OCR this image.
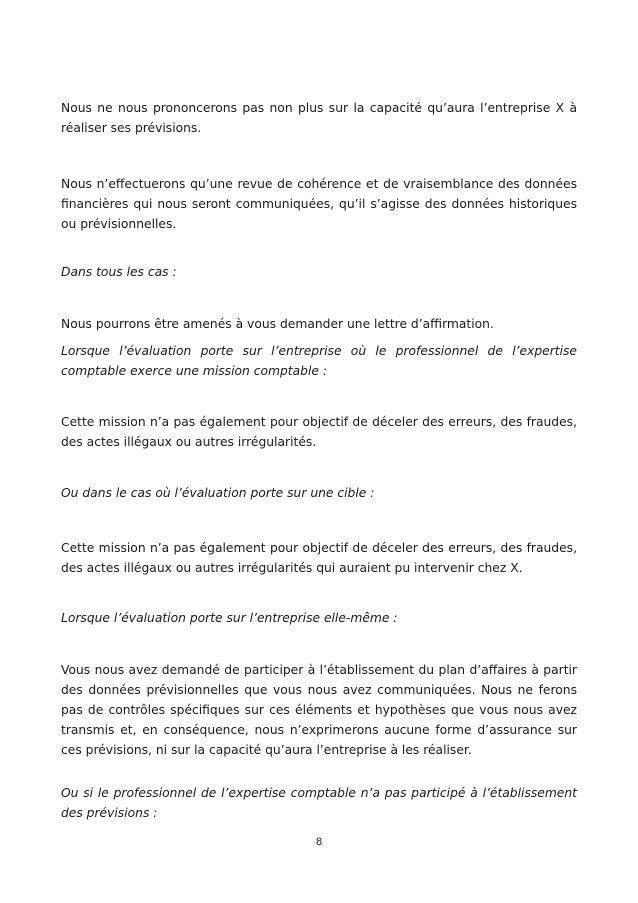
Nous ne nous prononcerons pas non plus sur la capacité qu’aura l’entreprise X à réaliser ses prévisions.

Nous n’effectuerons qu’une revue de cohérence et de vraisemblance des données financières qui nous seront communiquées, qu’il s’agisse des données historiques ou prévisionnelles.

Dans tous les cas :

Nous pourrons être amenés à vous demander une lettre d’affirmation.

Lorsque l’évaluation porte sur l’entreprise où le professionnel de l’expertise comptable exerce une mission comptable :

Cette mission n’a pas également pour objectif de déceler des erreurs, des fraudes, des actes illégaux ou autres irrégularités.

Ou dans le cas où l’évaluation porte sur une cible :

Cette mission n’a pas également pour objectif de déceler des erreurs, des fraudes, des actes illégaux ou autres irrégularités qui auraient pu intervenir chez X.

Lorsque l’évaluation porte sur l’entreprise elle-même :

Vous nous avez demandé de participer à l’établissement du plan d’affaires à partir des données prévisionnelles que vous nous avez communiquées. Nous ne ferons pas de contrôles spécifiques sur ces éléments et hypothèses que vous nous avez transmis et, en conséquence, nous n’exprimerons aucune forme d’assurance sur ces prévisions, ni sur la capacité qu’aura l’entreprise à les réaliser.

Ou si le professionnel de l’expertise comptable n’a pas participé à l’établissement des prévisions :

8
